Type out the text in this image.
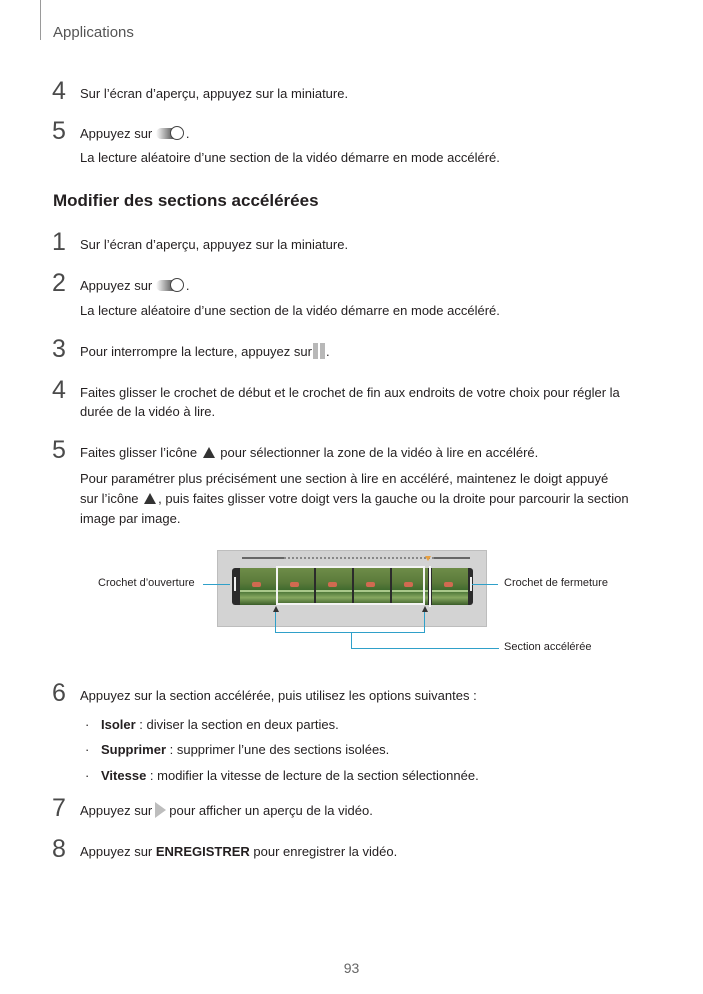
Applications
4 Sur l’écran d’aperçu, appuyez sur la miniature.
5 Appuyez sur	.
La lecture aléatoire d’une section de la vidéo démarre en mode accéléré.
Modifier des sections accélérées
1 Sur l’écran d’aperçu, appuyez sur la miniature.
2 Appuyez sur	.
La lecture aléatoire d’une section de la vidéo démarre en mode accéléré.
3 Pour interrompre la lecture, appuyez sur .
4 Faites glisser le crochet de début et le crochet de fin aux endroits de votre choix pour régler la
durée de la vidéo à lire.
5 Faites glisser l’icône pour sélectionner la zone de la vidéo à lire en accéléré.
Pour paramétrer plus précisément une section à lire en accéléré, maintenez le doigt appuyé
sur l’icône , puis faites glisser votre doigt vers la gauche ou la droite pour parcourir la section
image par image.
Crochet d’ouverture	Crochet de fermeture
Section accélérée
6 Appuyez sur la section accélérée, puis utilisez les options suivantes :
· Isoler : diviser la section en deux parties.
· Supprimer : supprimer l’une des sections isolées.
· Vitesse : modifier la vitesse de lecture de la section sélectionnée.
7 Appuyez sur pour afficher un aperçu de la vidéo.
8 Appuyez sur ENREGISTRER pour enregistrer la vidéo.
93
